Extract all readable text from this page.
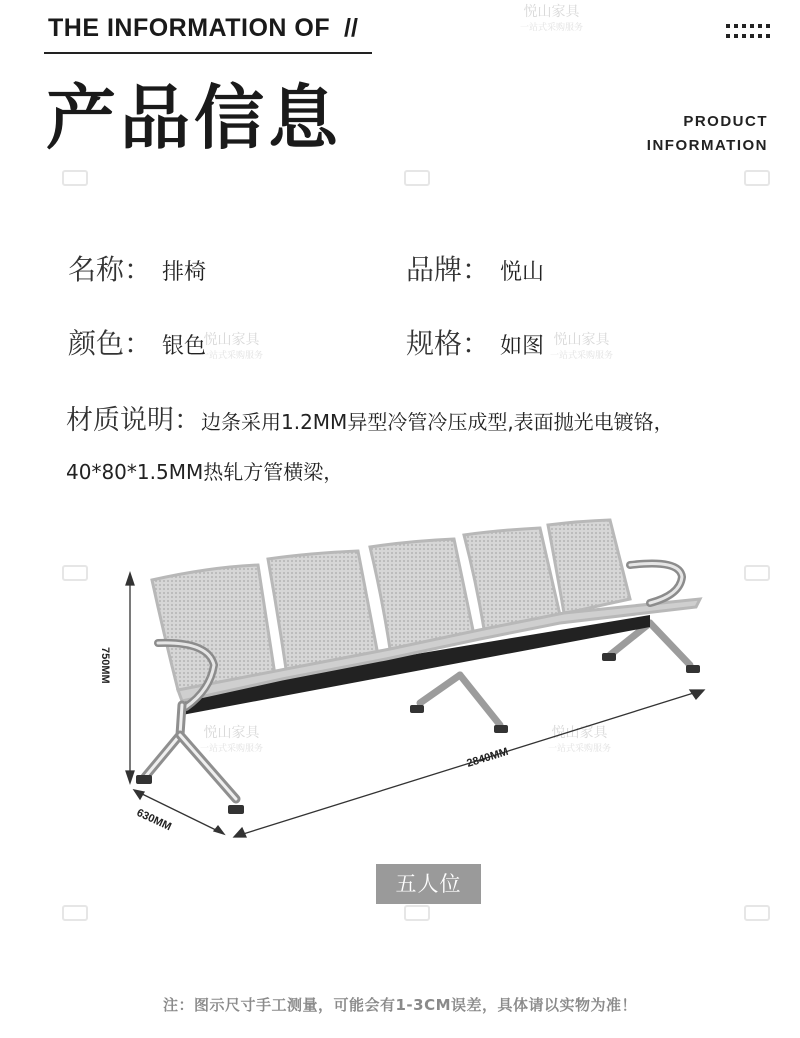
悦山家具
一站式采购服务
悦山家具
一站式采购服务
悦山家具
一站式采购服务
悦山家具
一站式采购服务
悦山家具
一站式采购服务
THE INFORMATION OF //
产品信息	PRODUCT
INFORMATION
名称： 排椅	品牌： 悦山
颜色： 银色	规格： 如图
材质说明：边条采用1.2MM异型冷管冷压成型,表面抛光电镀铬，40*80*1.5MM热轧方管横梁，
750MM
2840MM
630MM
五人位
注：图示尺寸手工测量，可能会有1-3CM误差，具体请以实物为准！
